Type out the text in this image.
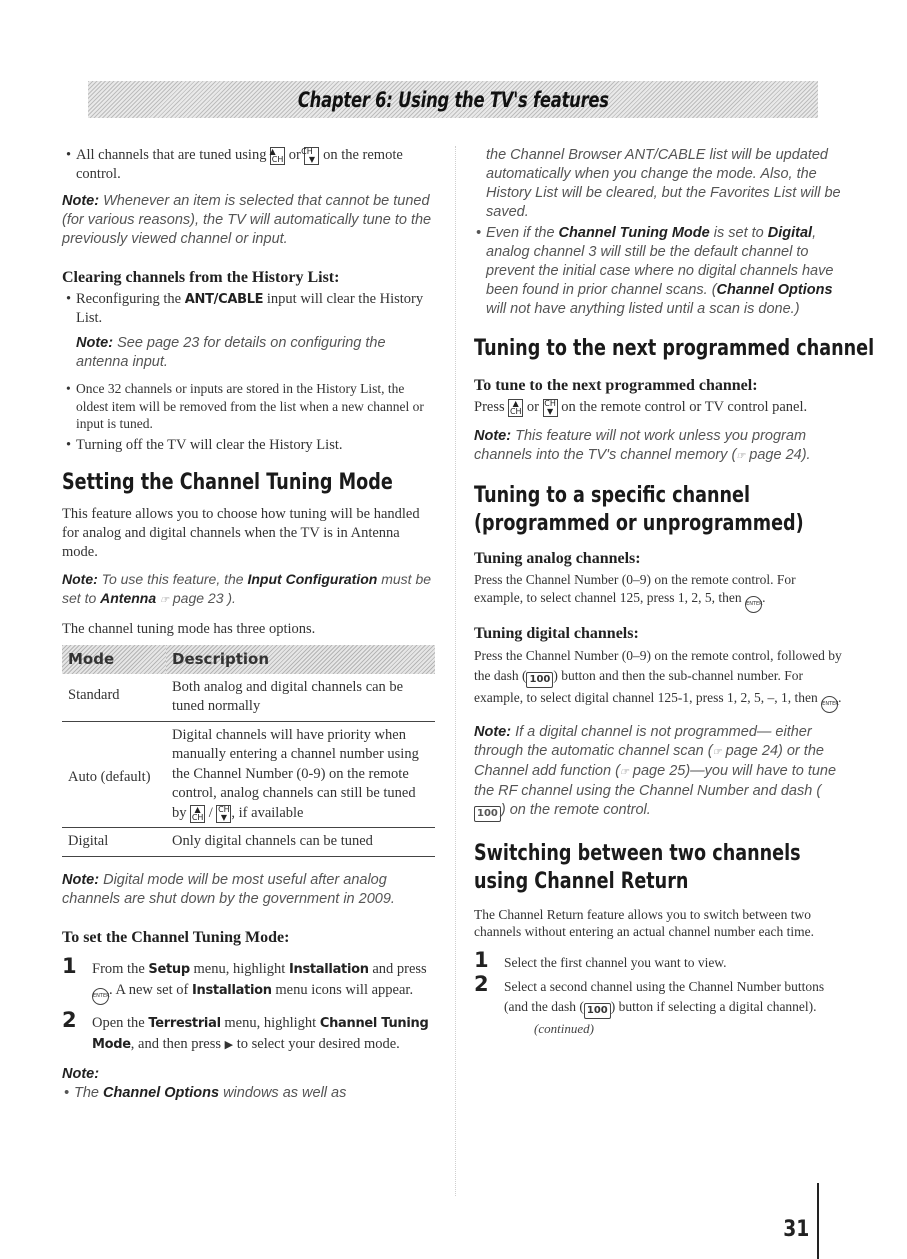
Chapter 6: Using the TV's features

• All channels that are tuned using ▲
CH or CH
▼ on the remote control.

Note: Whenever an item is selected that cannot be tuned (for various reasons), the TV will automatically tune to the previously viewed channel or input.

Clearing channels from the History List:

• Reconfiguring the ANT/CABLE input will clear the History List.

Note: See page 23 for details on configuring the antenna input.

• Once 32 channels or inputs are stored in the History List, the oldest item will be removed from the list when a new channel or input is tuned.

• Turning off the TV will clear the History List.

Setting the Channel Tuning Mode

This feature allows you to choose how tuning will be handled for analog and digital channels when the TV is in Antenna mode.

Note: To use this feature, the Input Configuration must be set to Antenna ☞ page 23 ).

The channel tuning mode has three options.

Mode	Description
Standard	Both analog and digital channels can be tuned normally
Auto (default)	Digital channels will have priority when manually entering a channel number using the Channel Number (0-9) on the remote control, analog channels can still be tuned by ▲
CH / CH
▼ , if available
Digital	Only digital channels can be tuned

Note: Digital mode will be most useful after analog channels are shut down by the government in 2009.

To set the Channel Tuning Mode:

1 From the Setup menu, highlight Installation and press ENTER. A new set of Installation menu icons will appear.
2 Open the Terrestrial menu, highlight Channel Tuning Mode, and then press ▶ to select your desired mode.

Note:

• The Channel Options windows as well as

the Channel Browser ANT/CABLE list will be updated automatically when you change the mode. Also, the History List will be cleared, but the Favorites List will be saved.

• Even if the Channel Tuning Mode is set to Digital, analog channel 3 will still be the default channel to prevent the initial case where no digital channels have been found in prior channel scans. (Channel Options will not have anything listed until a scan is done.)

Tuning to the next programmed channel

To tune to the next programmed channel:

Press ▲
CH or CH
▼ on the remote control or TV control panel.

Note: This feature will not work unless you program channels into the TV's channel memory (☞ page 24).

Tuning to a specific channel

(programmed or unprogrammed)

Tuning analog channels:

Press the Channel Number (0–9) on the remote control. For example, to select channel 125, press 1, 2, 5, then ENTER.

Tuning digital channels:

Press the Channel Number (0–9) on the remote control, followed by the dash ( 100 ) button and then the sub-channel number. For example, to select digital channel 125-1, press 1, 2, 5, –, 1, then ENTER.

Note: If a digital channel is not programmed— either through the automatic channel scan (☞ page 24) or the Channel add function (☞ page 25)—you will have to tune the RF channel using the Channel Number and dash (100 ) on the remote control.

Switching between two channels

using Channel Return

The Channel Return feature allows you to switch between two channels without entering an actual channel number each time.

1 Select the first channel you want to view.
2 Select a second channel using the Channel Number buttons (and the dash ( 100 ) button if selecting a digital channel). (continued)
31
